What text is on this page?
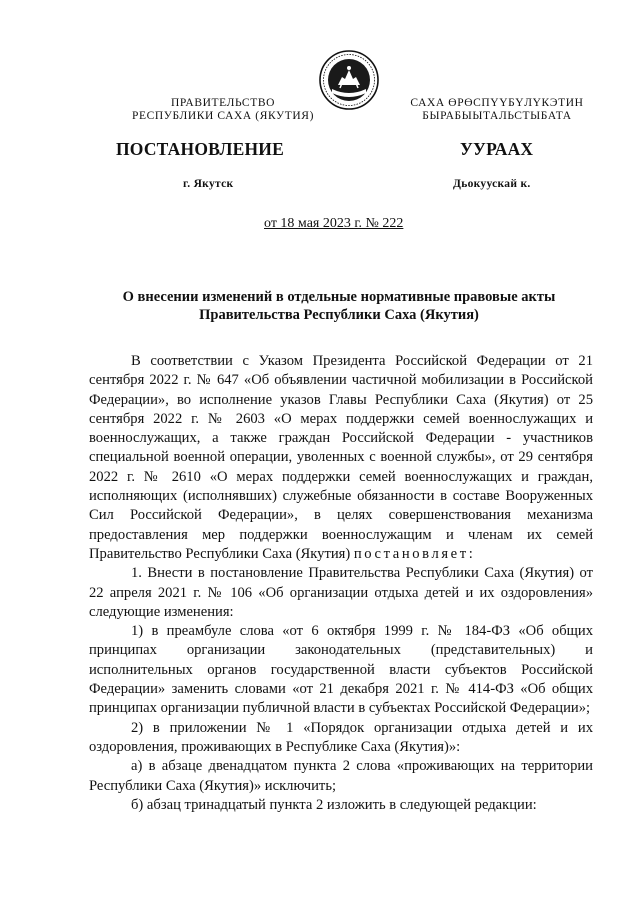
ПРАВИТЕЛЬСТВО
РЕСПУБЛИКИ САХА (ЯКУТИЯ)
САХА ӨРӨСПҮҮБҮЛҮКЭТИН
БЫРАБЫЫТАЛЬСТЫБАТА
ПОСТАНОВЛЕНИЕ	УУРААХ
г. Якутск	Дьокуускай к.
от 18 мая 2023 г. № 222
О внесении изменений в отдельные нормативные правовые акты
Правительства Республики Саха (Якутия)

В соответствии с Указом Президента Российской Федерации от 21 сентября 2022 г. № 647 «Об объявлении частичной мобилизации в Российской Федерации», во исполнение указов Главы Республики Саха (Якутия) от 25 сентября 2022 г. № 2603 «О мерах поддержки семей военнослужащих и военнослужащих, а также граждан Российской Федерации - участников специальной военной операции, уволенных с военной службы», от 29 сентября 2022 г. № 2610 «О мерах поддержки семей военнослужащих и граждан, исполняющих (исполнявших) служебные обязанности в составе Вооруженных Сил Российской Федерации», в целях совершенствования механизма предоставления мер поддержки военнослужащим и членам их семей Правительство Республики Саха (Якутия) постановляет:

1. Внести в постановление Правительства Республики Саха (Якутия) от 22 апреля 2021 г. № 106 «Об организации отдыха детей и их оздоровления» следующие изменения:

1) в преамбуле слова «от 6 октября 1999 г. № 184-ФЗ «Об общих принципах организации законодательных (представительных) и исполнительных органов государственной власти субъектов Российской Федерации» заменить словами «от 21 декабря 2021 г. № 414-ФЗ «Об общих принципах организации публичной власти в субъектах Российской Федерации»;

2) в приложении № 1 «Порядок организации отдыха детей и их оздоровления, проживающих в Республике Саха (Якутия)»:

а) в абзаце двенадцатом пункта 2 слова «проживающих на территории Республики Саха (Якутия)» исключить;

б) абзац тринадцатый пункта 2 изложить в следующей редакции:
